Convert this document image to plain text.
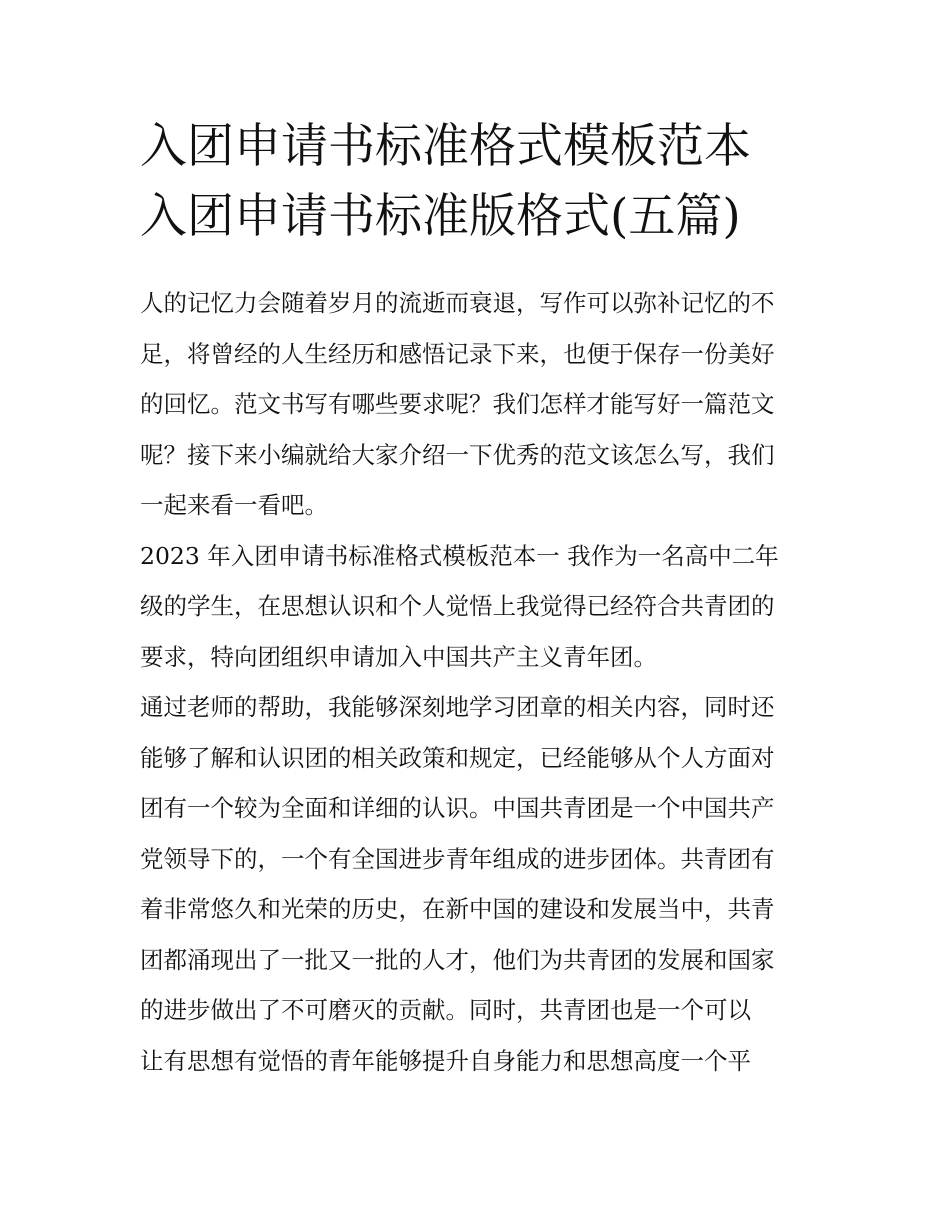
入团申请书标准格式模板范本
入团申请书标准版格式(五篇)

人的记忆力会随着岁月的流逝而衰退，写作可以弥补记忆的不
足，将曾经的人生经历和感悟记录下来，也便于保存一份美好
的回忆。范文书写有哪些要求呢？我们怎样才能写好一篇范文
呢？接下来小编就给大家介绍一下优秀的范文该怎么写，我们
一起来看一看吧。

2023 年入团申请书标准格式模板范本一 我作为一名高中二年
级的学生，在思想认识和个人觉悟上我觉得已经符合共青团的
要求，特向团组织申请加入中国共产主义青年团。

通过老师的帮助，我能够深刻地学习团章的相关内容，同时还
能够了解和认识团的相关政策和规定，已经能够从个人方面对
团有一个较为全面和详细的认识。中国共青团是一个中国共产
党领导下的，一个有全国进步青年组成的进步团体。共青团有
着非常悠久和光荣的历史，在新中国的建设和发展当中，共青
团都涌现出了一批又一批的人才，他们为共青团的发展和国家
的进步做出了不可磨灭的贡献。同时，共青团也是一个可以
让有思想有觉悟的青年能够提升自身能力和思想高度一个平
